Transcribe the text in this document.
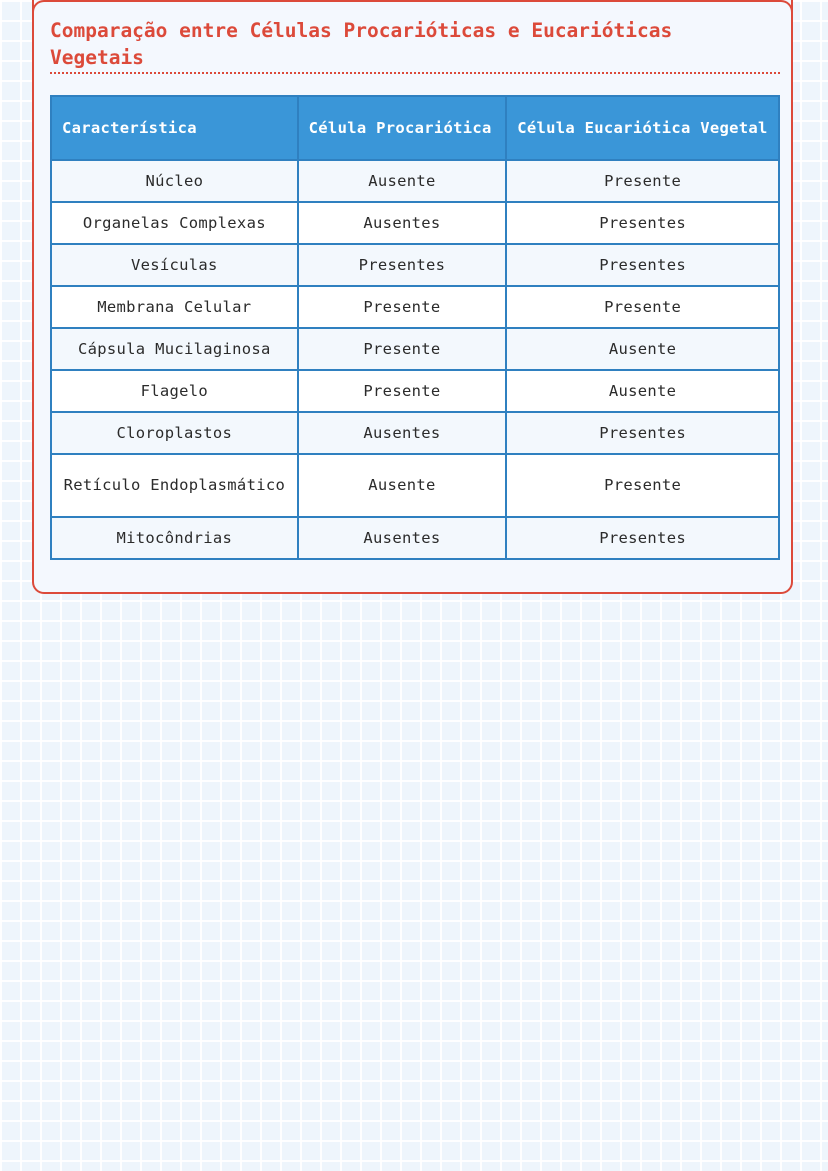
Comparação entre Células Procarióticas e Eucarióticas Vegetais
Característica	Célula Procariótica	Célula Eucariótica Vegetal
Núcleo	Ausente	Presente
Organelas Complexas	Ausentes	Presentes
Vesículas	Presentes	Presentes
Membrana Celular	Presente	Presente
Cápsula Mucilaginosa	Presente	Ausente
Flagelo	Presente	Ausente
Cloroplastos	Ausentes	Presentes
Retículo Endoplasmático	Ausente	Presente
Mitocôndrias	Ausentes	Presentes
